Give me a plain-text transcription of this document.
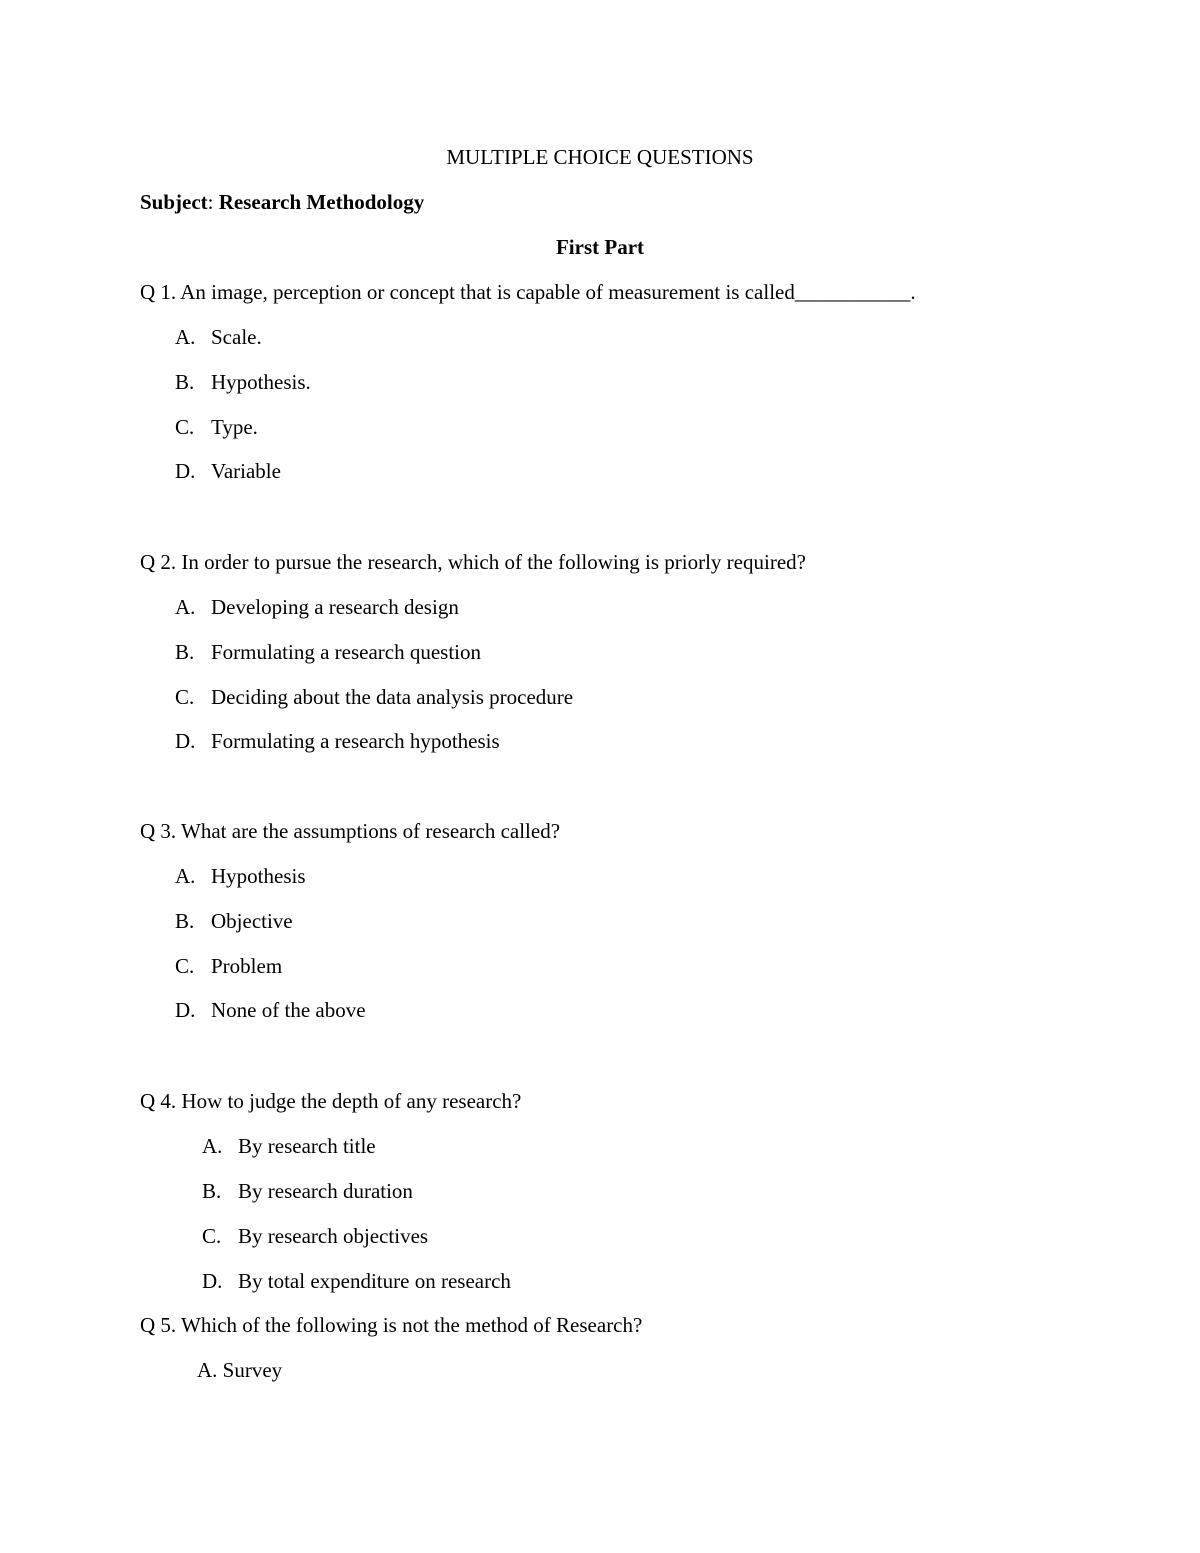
MULTIPLE CHOICE QUESTIONS
Subject: Research Methodology
First Part
Q 1. An image, perception or concept that is capable of measurement is called___________.
A. Scale.
B. Hypothesis.
C. Type.
D. Variable
Q 2. In order to pursue the research, which of the following is priorly required?
A. Developing a research design
B. Formulating a research question
C. Deciding about the data analysis procedure
D. Formulating a research hypothesis
Q 3. What are the assumptions of research called?
A. Hypothesis
B. Objective
C. Problem
D. None of the above
Q 4. How to judge the depth of any research?
A. By research title
B. By research duration
C. By research objectives
D. By total expenditure on research
Q 5. Which of the following is not the method of Research?
A. Survey
